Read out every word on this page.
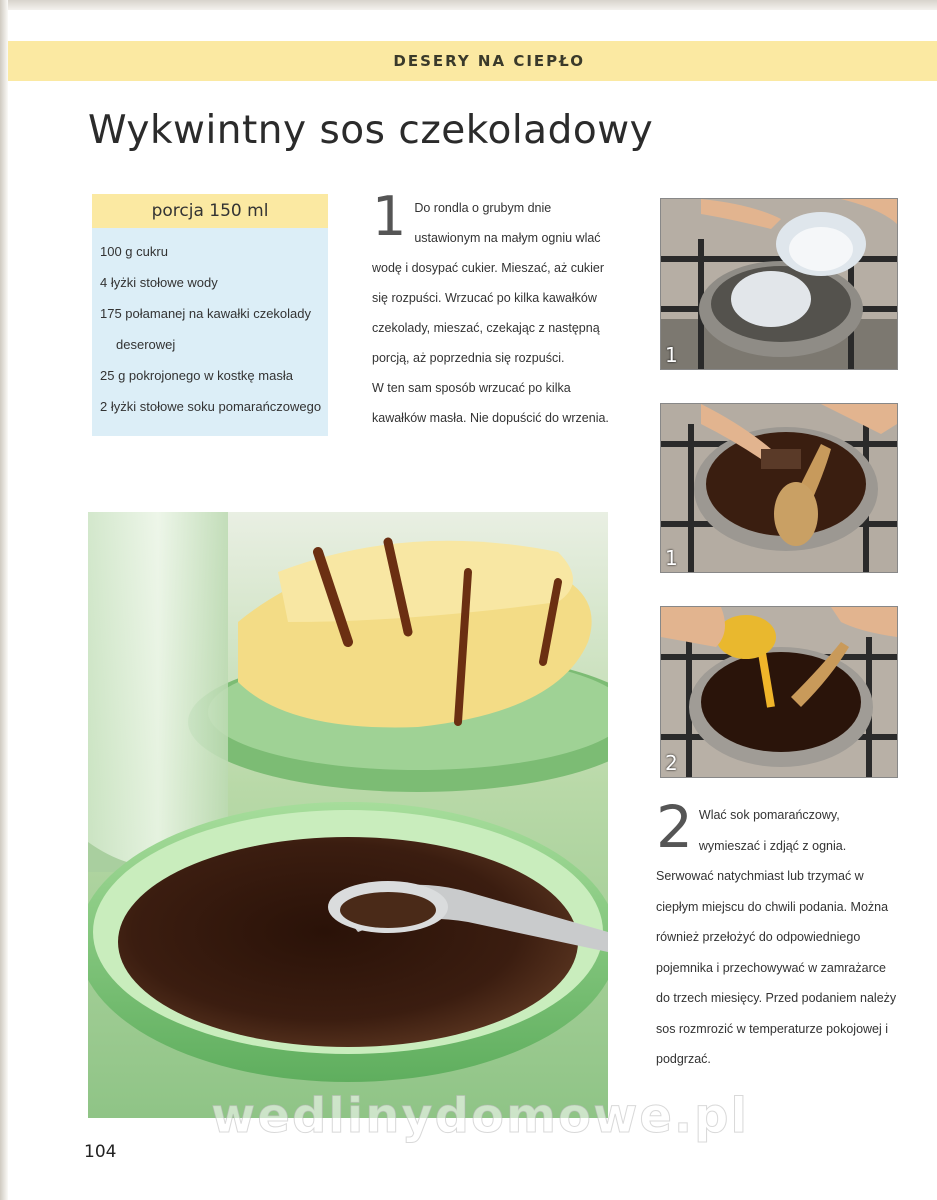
DESERY NA CIEPŁO
Wykwintny sos czekoladowy
porcja 150 ml
100 g cukru
4 łyżki stołowe wody
175 połamanej na kawałki czekolady
deserowej
25 g pokrojonego w kostkę masła
2 łyżki stołowe soku pomarańczowego
1 Do rondla o grubym dnie ustawionym na małym ogniu wlać wodę i dosypać cukier. Mieszać, aż cukier się rozpuści. Wrzucać po kilka kawałków czekolady, mieszać, czekając z następną porcją, aż poprzednia się rozpuści.
W ten sam sposób wrzucać po kilka kawałków masła. Nie dopuścić do wrzenia.
1
1
2
2 Wlać sok pomarańczowy, wymieszać i zdjąć z ognia. Serwować natychmiast lub trzymać w ciepłym miejscu do chwili podania. Można również przełożyć do odpowiedniego pojemnika i przechowywać w zamrażarce do trzech miesięcy. Przed podaniem należy sos rozmrozić w temperaturze pokojowej i podgrzać.
wedlinydomowe.pl
104
